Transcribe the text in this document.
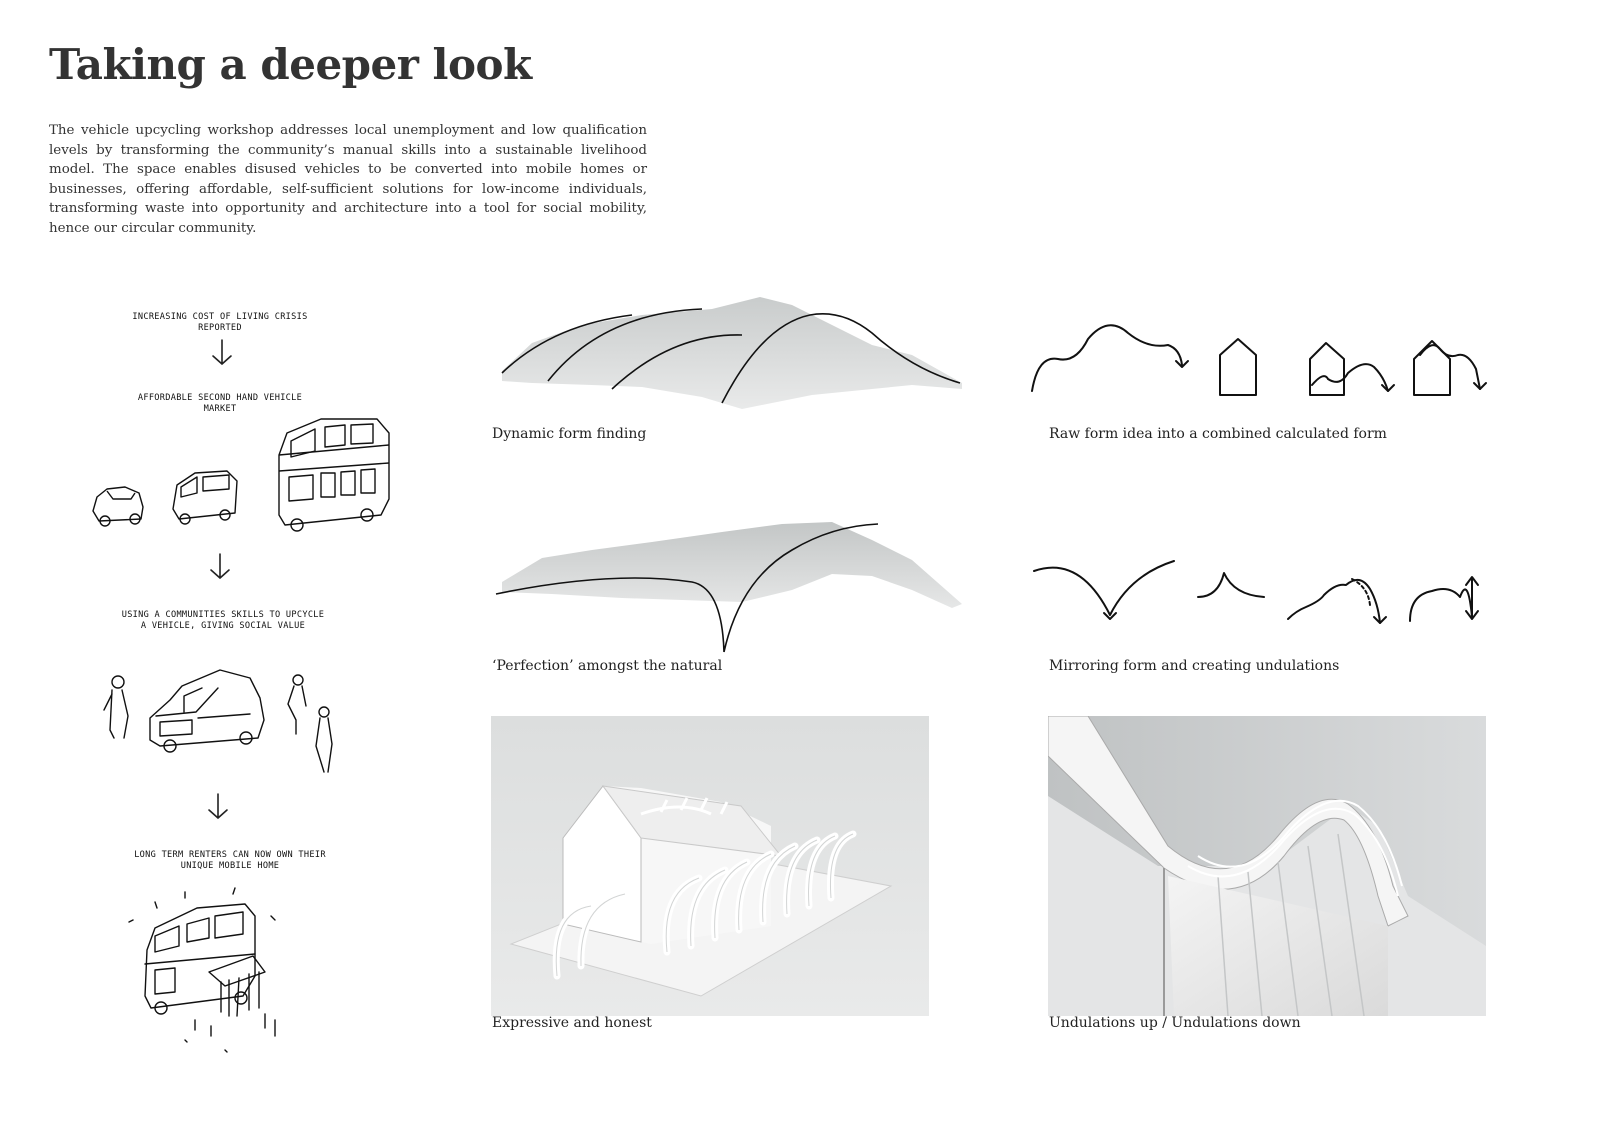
Taking a deeper look

The vehicle upcycling workshop addresses local unemployment and low qualification levels by transforming the community’s manual skills into a sustainable livelihood model. The space enables disused vehicles to be converted into mobile homes or businesses, offering affordable, self-sufficient solutions for low-income individuals, transforming waste into opportunity and architecture into a tool for social mobility, hence our circular community.

INCREASING COST OF LIVING CRISIS REPORTED
AFFORDABLE SECOND HAND VEHICLE MARKET
USING A COMMUNITIES SKILLS TO UPCYCLE A VEHICLE, GIVING SOCIAL VALUE
LONG TERM RENTERS CAN NOW OWN THEIR UNIQUE MOBILE HOME
Dynamic form finding	Raw form idea into a combined calculated form
‘Perfection’ amongst the natural	Mirroring form and creating undulations
Expressive and honest	Undulations up / Undulations down
